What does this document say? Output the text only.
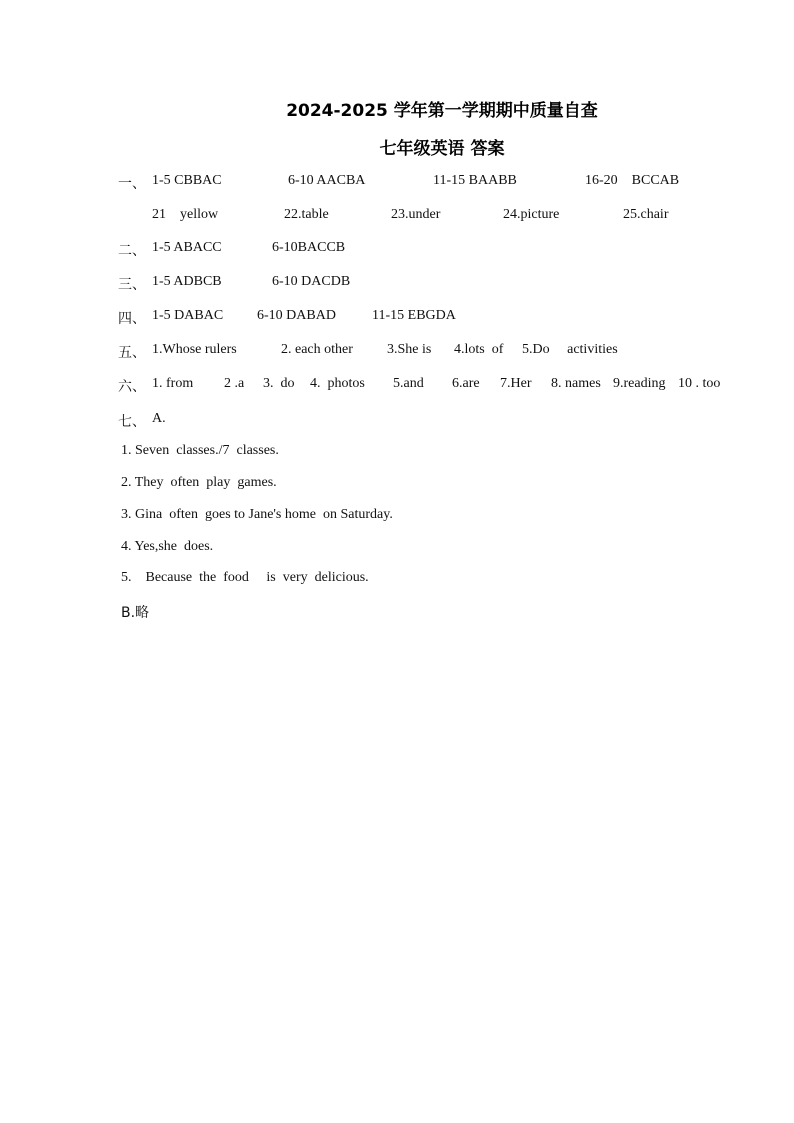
2024-2025 学年第一学期期中质量自查
七年级英语 答案
一、 1-5 CBBAC	6-10 AACBA	11-15 BAABB	16-20    BCCAB
21    yellow	22.table	23.under	24.picture	25.chair
二、 1-5 ABACC	6-10BACCB
三、 1-5 ADBCB	6-10 DACDB
四、 1-5 DABAC 6-10 DABAD	11-15 EBGDA
五、 1.Whose rulers	2. each other 3.She is 4.lots  of 5.Do     activities
六、 1. from 2 .a 3.  do 4.  photos 5.and 6.are 7.Her 8. names 9.reading 10 . too
七、 A.
1. Seven  classes./7  classes.
2. They  often  play  games.
3. Gina  often  goes to Jane's home  on Saturday.
4. Yes,she  does.
5.    Because  the  food     is  very  delicious.
B.略
